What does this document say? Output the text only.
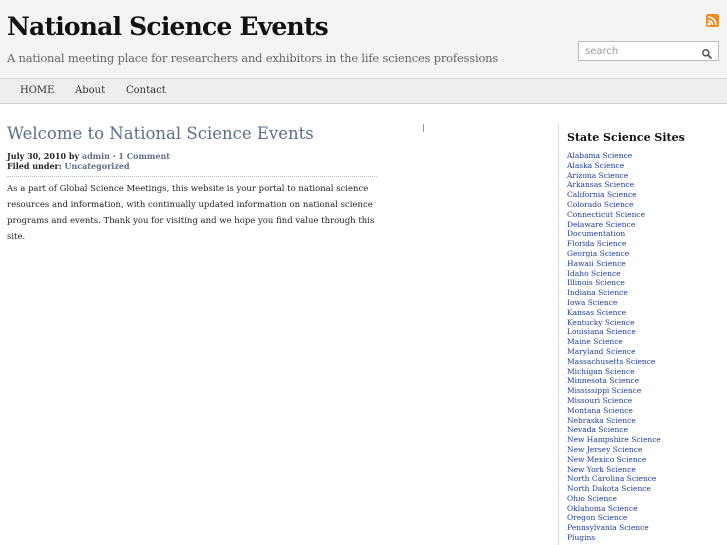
National Science Events
A national meeting place for researchers and exhibitors in the life sciences professions
search
HOME About Contact
Welcome to National Science Events
July 30, 2010 by admin · 1 Comment
Filed under: Uncategorized

As a part of Global Science Meetings, this website is your portal to national science resources and information, with continually updated information on national science programs and events. Thank you for visiting and we hope you find value through this site.

State Science Sites
Alabama Science
Alaska Science
Arizona Science
Arkansas Science
California Science
Colorado Science
Connecticut Science
Delaware Science
Documentation
Florida Science
Georgia Science
Hawaii Science
Idaho Science
Illinois Science
Indiana Science
Iowa Science
Kansas Science
Kentucky Science
Louisiana Science
Maine Science
Maryland Science
Massachusetts Science
Michigan Science
Minnesota Science
Mississippi Science
Missouri Science
Montana Science
Nebraska Science
Nevada Science
New Hampshire Science
New Jersey Science
New Mexico Science
New York Science
North Carolina Science
North Dakota Science
Ohio Science
Oklahoma Science
Oregon Science
Pennsylvania Science
Plugins
